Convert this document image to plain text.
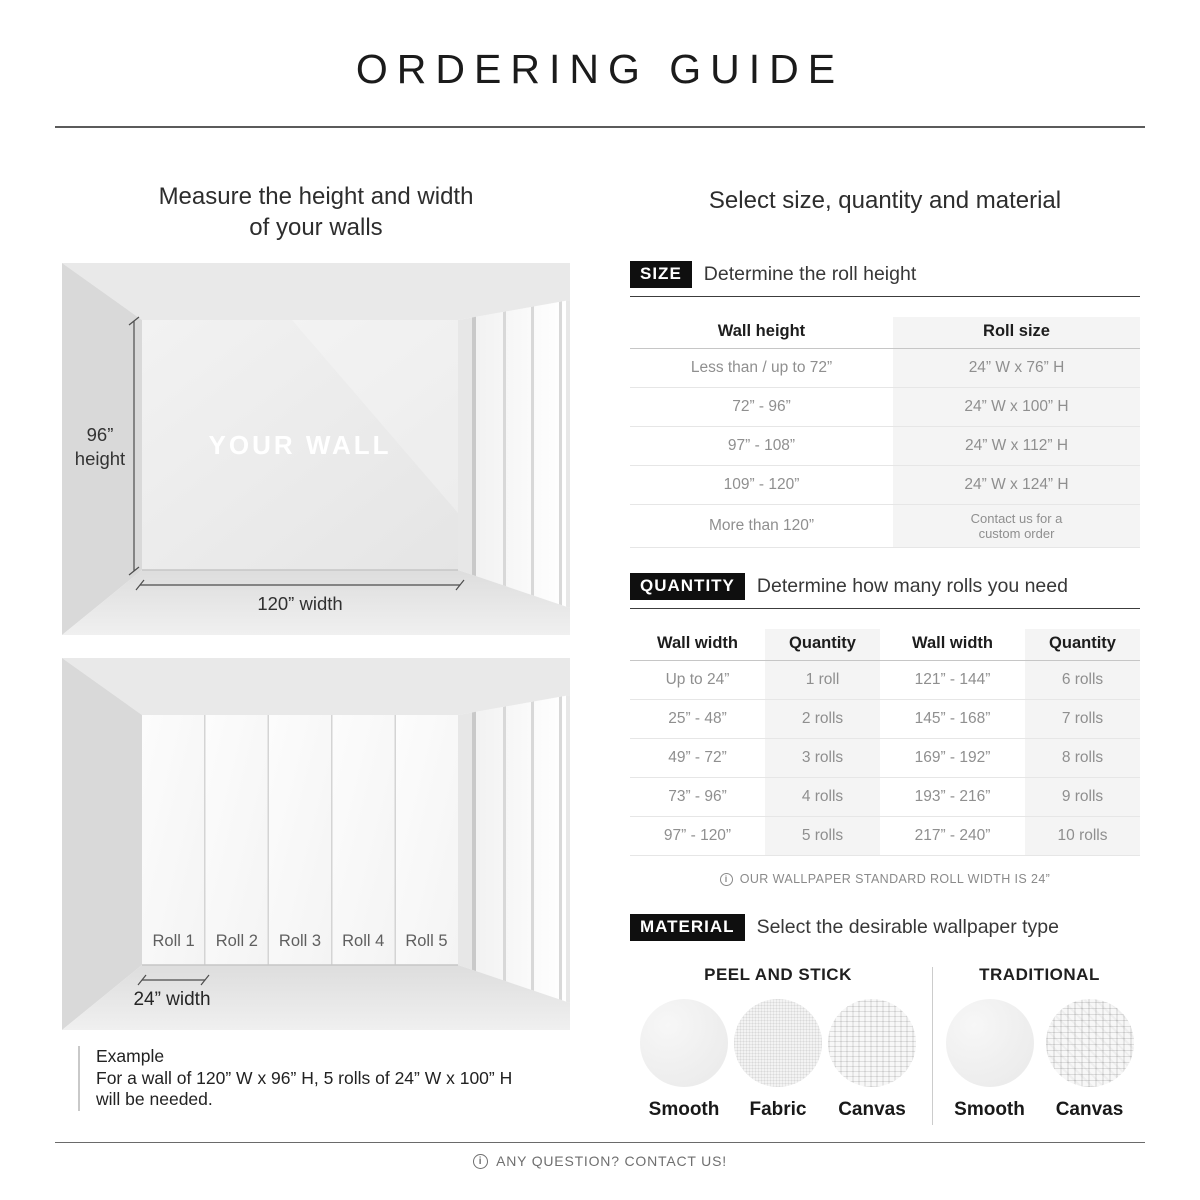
ORDERING GUIDE
Measure the height and width
of your walls
YOUR WALL
96”
height
120” width
Roll 1	Roll 2	Roll 3	Roll 4	Roll 5
24” width
Example
For a wall of 120” W x 96” H, 5 rolls of 24” W x 100” H
will be needed.
Select size, quantity and material
SIZE	Determine the roll height
Wall height	Roll size
Less than / up to 72”	24” W x 76” H
72” - 96”	24” W x 100” H
97” - 108”	24” W x 112” H
109” - 120”	24” W x 124” H
More than 120”	Contact us for a custom order
QUANTITY	Determine how many rolls you need
Wall width	Quantity	Wall width	Quantity
Up to 24”	1 roll	121” - 144”	6 rolls
25” - 48”	2 rolls	145” - 168”	7 rolls
49” - 72”	3 rolls	169” - 192”	8 rolls
73” - 96”	4 rolls	193” - 216”	9 rolls
97” - 120”	5 rolls	217” - 240”	10 rolls
i OUR WALLPAPER STANDARD ROLL WIDTH IS 24”
MATERIAL	Select the desirable wallpaper type
PEEL AND STICK
Smooth Fabric Canvas
TRADITIONAL
Smooth Canvas
i ANY QUESTION? CONTACT US!
